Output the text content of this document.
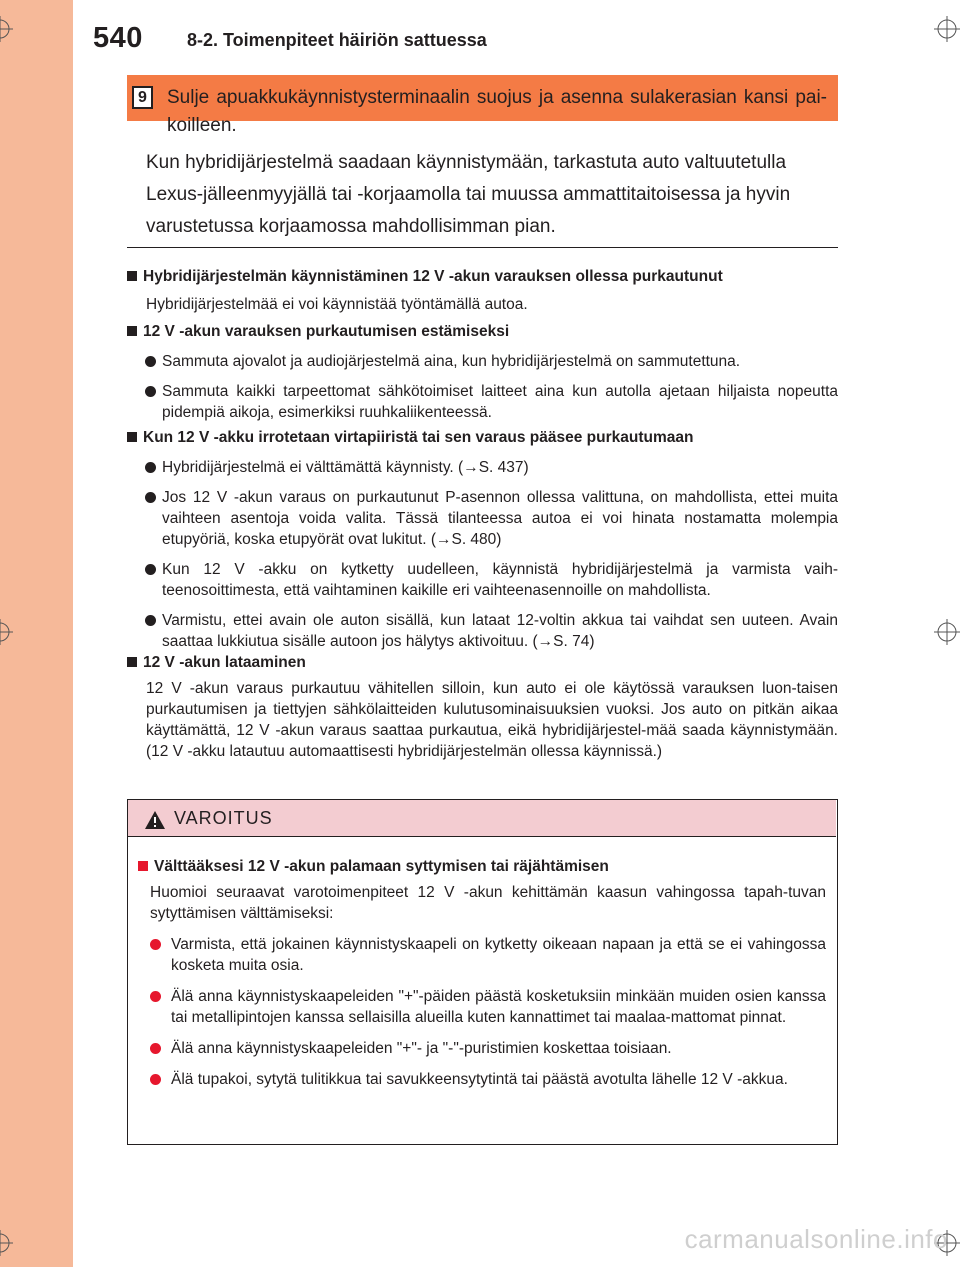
540 8-2. Toimenpiteet häiriön sattuessa
9	Sulje apuakkukäynnistysterminaalin suojus ja asenna sulakerasian kansi pai-koilleen.
Kun hybridijärjestelmä saadaan käynnistymään, tarkastuta auto valtuutetulla Lexus-jälleenmyyjällä tai -korjaamolla tai muussa ammattitaitoisessa ja hyvin varustetussa korjaamossa mahdollisimman pian.
Hybridijärjestelmän käynnistäminen 12 V -akun varauksen ollessa purkautunut
Hybridijärjestelmää ei voi käynnistää työntämällä autoa.
12 V -akun varauksen purkautumisen estämiseksi
Sammuta ajovalot ja audiojärjestelmä aina, kun hybridijärjestelmä on sammutettuna.
Sammuta kaikki tarpeettomat sähkötoimiset laitteet aina kun autolla ajetaan hiljaista nopeutta pidempiä aikoja, esimerkiksi ruuhkaliikenteessä.
Kun 12 V -akku irrotetaan virtapiiristä tai sen varaus pääsee purkautumaan
Hybridijärjestelmä ei välttämättä käynnisty. (→S. 437)
Jos 12 V -akun varaus on purkautunut P-asennon ollessa valittuna, on mahdollista, ettei muita vaihteen asentoja voida valita. Tässä tilanteessa autoa ei voi hinata nostamatta molempia etupyöriä, koska etupyörät ovat lukitut. (→S. 480)
Kun 12 V -akku on kytketty uudelleen, käynnistä hybridijärjestelmä ja varmista vaih-teenosoittimesta, että vaihtaminen kaikille eri vaihteenasennoille on mahdollista.
Varmistu, ettei avain ole auton sisällä, kun lataat 12-voltin akkua tai vaihdat sen uuteen. Avain saattaa lukkiutua sisälle autoon jos hälytys aktivoituu. (→S. 74)
12 V -akun lataaminen
12 V -akun varaus purkautuu vähitellen silloin, kun auto ei ole käytössä varauksen luon-taisen purkautumisen ja tiettyjen sähkölaitteiden kulutusominaisuuksien vuoksi. Jos auto on pitkän aikaa käyttämättä, 12 V -akun varaus saattaa purkautua, eikä hybridijärjestel-mää saada käynnistymään. (12 V -akku latautuu automaattisesti hybridijärjestelmän ollessa käynnissä.)
VAROITUS
Välttääksesi 12 V -akun palamaan syttymisen tai räjähtämisen
Huomioi seuraavat varotoimenpiteet 12 V -akun kehittämän kaasun vahingossa tapah-tuvan sytyttämisen välttämiseksi:
Varmista, että jokainen käynnistyskaapeli on kytketty oikeaan napaan ja että se ei vahingossa kosketa muita osia.
Älä anna käynnistyskaapeleiden "+"-päiden päästä kosketuksiin minkään muiden osien kanssa tai metallipintojen kanssa sellaisilla alueilla kuten kannattimet tai maalaa-mattomat pinnat.
Älä anna käynnistyskaapeleiden "+"- ja "-"-puristimien koskettaa toisiaan.
Älä tupakoi, sytytä tulitikkua tai savukkeensytytintä tai päästä avotulta lähelle 12 V -akkua.
carmanualsonline.info
